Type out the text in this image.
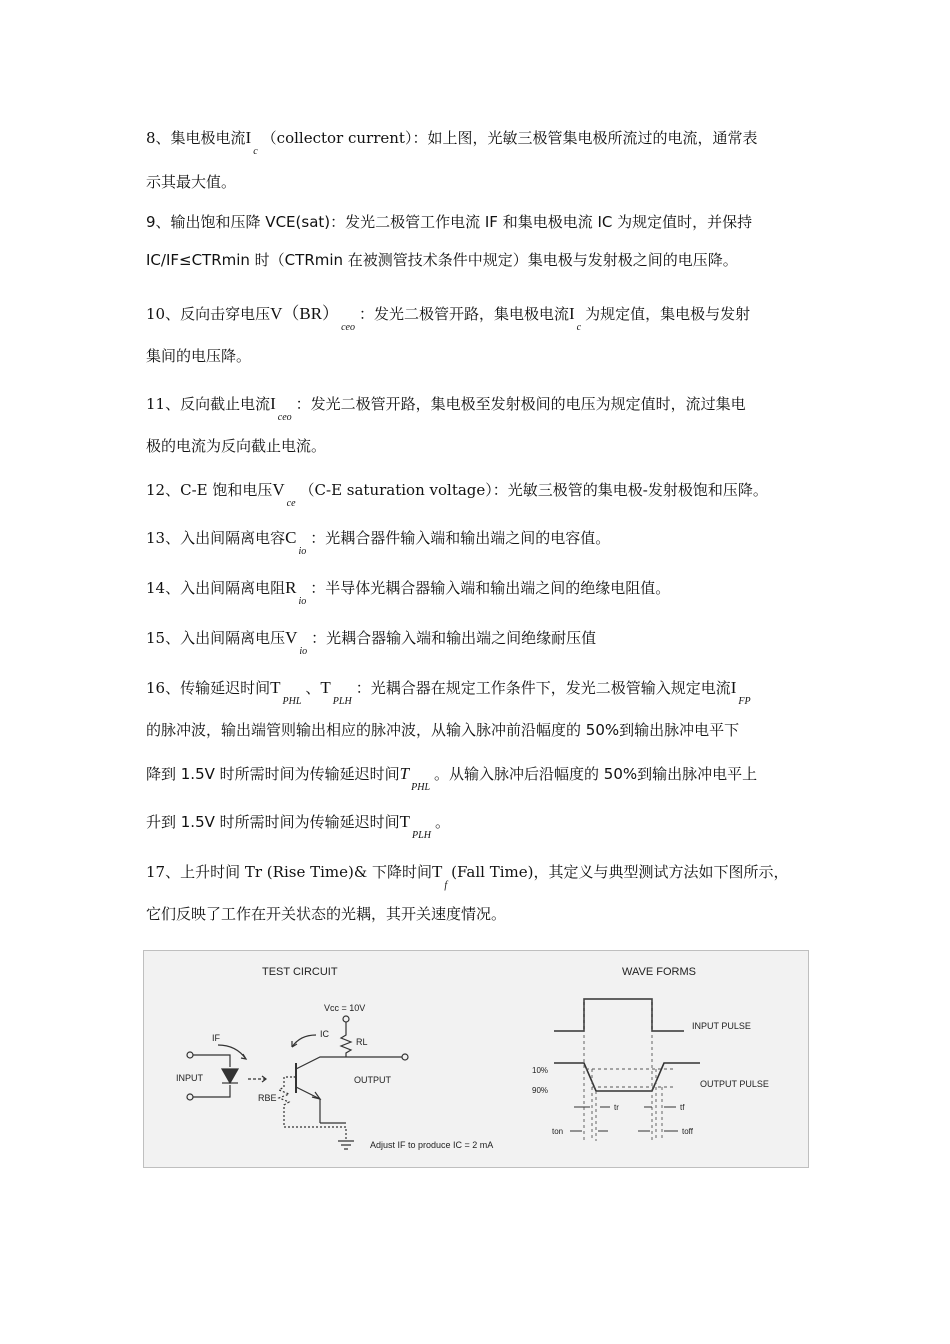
8、集电极电流$I_c(collector$ current）：如上图，光敏三极管集电极所流过的电流，通常表
示其最大值。
9、输出饱和压降 VCE(sat)：发光二极管工作电流 IF 和集电极电流 IC 为规定值时，并保持
IC/IF≤CTRmin 时（CTRmin 在被测管技术条件中规定）集电极与发射极之间的电压降。
10、反向击穿电压$V(BR)_{ceo}$：发光二极管开路，集电极电流$I_c$为规定值，集电极与发射
集间的电压降。
11、反向截止电流$I_{ceo}$：发光二极管开路，集电极至发射极间的电压为规定值时，流过集电
极的电流为反向截止电流。
12、C-E 饱和电压$V_{ce}(C-E$ saturation voltage）：光敏三极管的集电极-发射极饱和压降。
13、入出间隔离电容$C_{io}$：光耦合器件输入端和输出端之间的电容值。
14、入出间隔离电阻$R_{io}$：半导体光耦合器输入端和输出端之间的绝缘电阻值。
15、入出间隔离电压$V_{io}$：光耦合器输入端和输出端之间绝缘耐压值
16、传输延迟时间$T_{PHL}$、$T_{PLH}$：光耦合器在规定工作条件下，发光二极管输入规定电流$I_{FP}$
的脉冲波，输出端管则输出相应的脉冲波，从输入脉冲前沿幅度的 50%到输出脉冲电平下
降到 1.5V 时所需时间为传输延迟时间$T_{PHL}$。从输入脉冲后沿幅度的 50%到输出脉冲电平上
升到 1.5V 时所需时间为传输延迟时间$T_{PLH}$。
17、上升时间 Tr (Rise Time)& 下降时间$T_f(Fall$ Time)，其定义与典型测试方法如下图所示，
它们反映了工作在开关状态的光耦，其开关速度情况。
TEST CIRCUIT	WAVE FORMS
Vcc = 10V
IF	IC
RL
INPUT	OUTPUT
RBE
Adjust IF to produce IC = 2 mA
10%
90%
INPUT PULSE
OUTPUT PULSE
tr	tf
ton	toff
